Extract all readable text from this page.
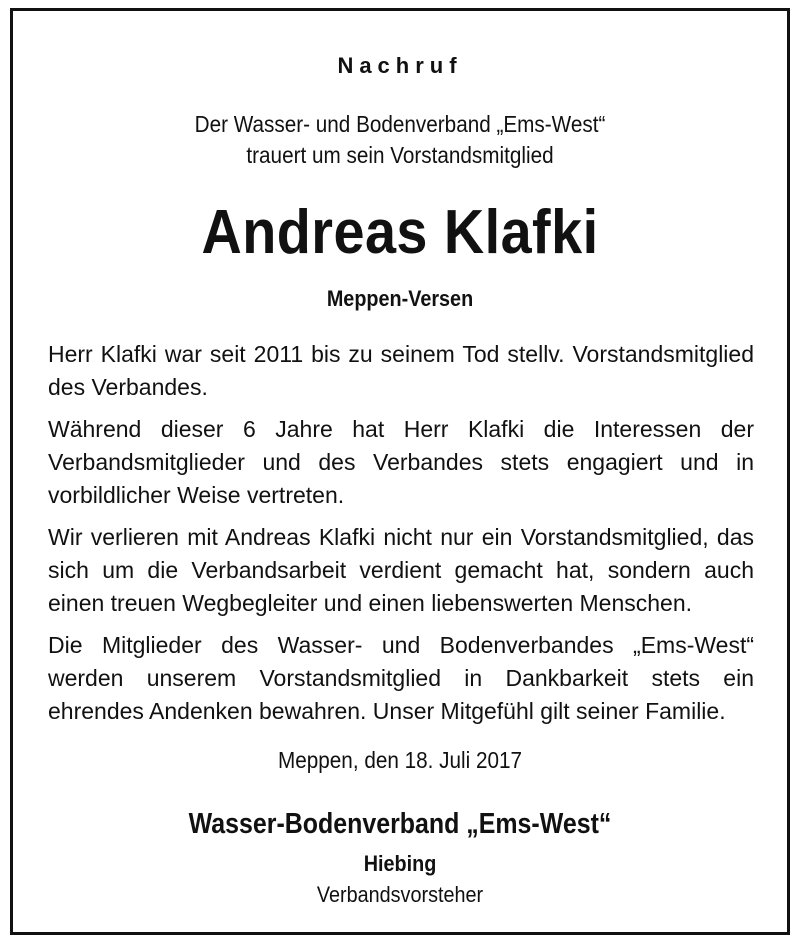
Nachruf
Der Wasser- und Bodenverband „Ems-West“
trauert um sein Vorstandsmitglied
Andreas Klafki
Meppen-Versen

Herr Klafki war seit 2011 bis zu seinem Tod stellv. Vorstandsmitglied des Verbandes.

Während dieser 6 Jahre hat Herr Klafki die Interessen der Verbandsmitglieder und des Verbandes stets engagiert und in vorbildlicher Weise vertreten.

Wir verlieren mit Andreas Klafki nicht nur ein Vorstandsmitglied, das sich um die Verbandsarbeit verdient gemacht hat, sondern auch einen treuen Wegbegleiter und einen liebenswerten Menschen.

Die Mitglieder des Wasser- und Bodenverbandes „Ems-West“ werden unserem Vorstandsmitglied in Dankbarkeit stets ein ehrendes Andenken bewahren. Unser Mitgefühl gilt seiner Familie.

Meppen, den 18. Juli 2017
Wasser-Bodenverband „Ems-West“
Hiebing
Verbandsvorsteher
